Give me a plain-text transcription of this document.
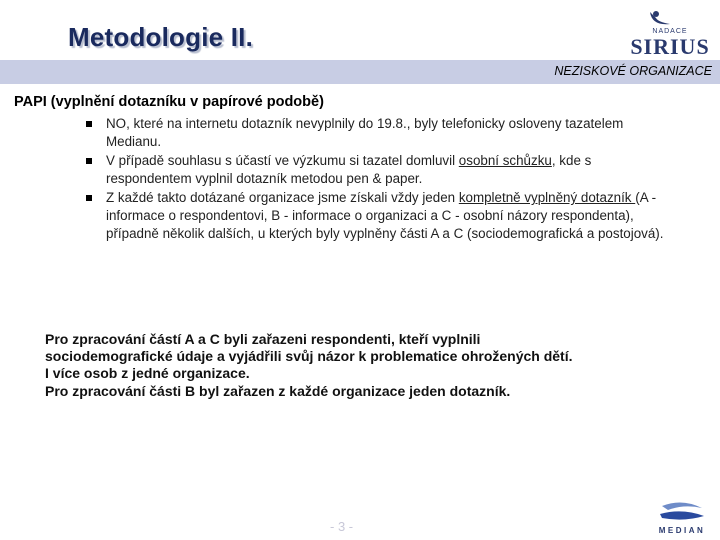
Metodologie II.	NADACE
SIRIUS
NEZISKOVÉ ORGANIZACE
PAPI (vyplnění dotazníku v papírové podobě)
NO, které na internetu dotazník nevyplnily do 19.8., byly telefonicky osloveny tazatelem Medianu.
V případě souhlasu s účastí ve výzkumu si tazatel domluvil osobní schůzku, kde s respondentem vyplnil dotazník metodou pen & paper.
Z každé takto dotázané organizace jsme získali vždy jeden kompletně vyplněný dotazník (A - informace o respondentovi, B - informace o organizaci a C - osobní názory respondenta), případně několik dalších, u kterých byly vyplněny části A a C (sociodemografická a postojová).
Pro zpracování částí A a C byli zařazeni respondenti, kteří vyplnili
sociodemografické údaje a vyjádřili svůj názor k problematice ohrožených dětí.
I více osob z jedné organizace.
Pro zpracování části B byl zařazen z každé organizace jeden dotazník.
- 3 -	MEDIAN
